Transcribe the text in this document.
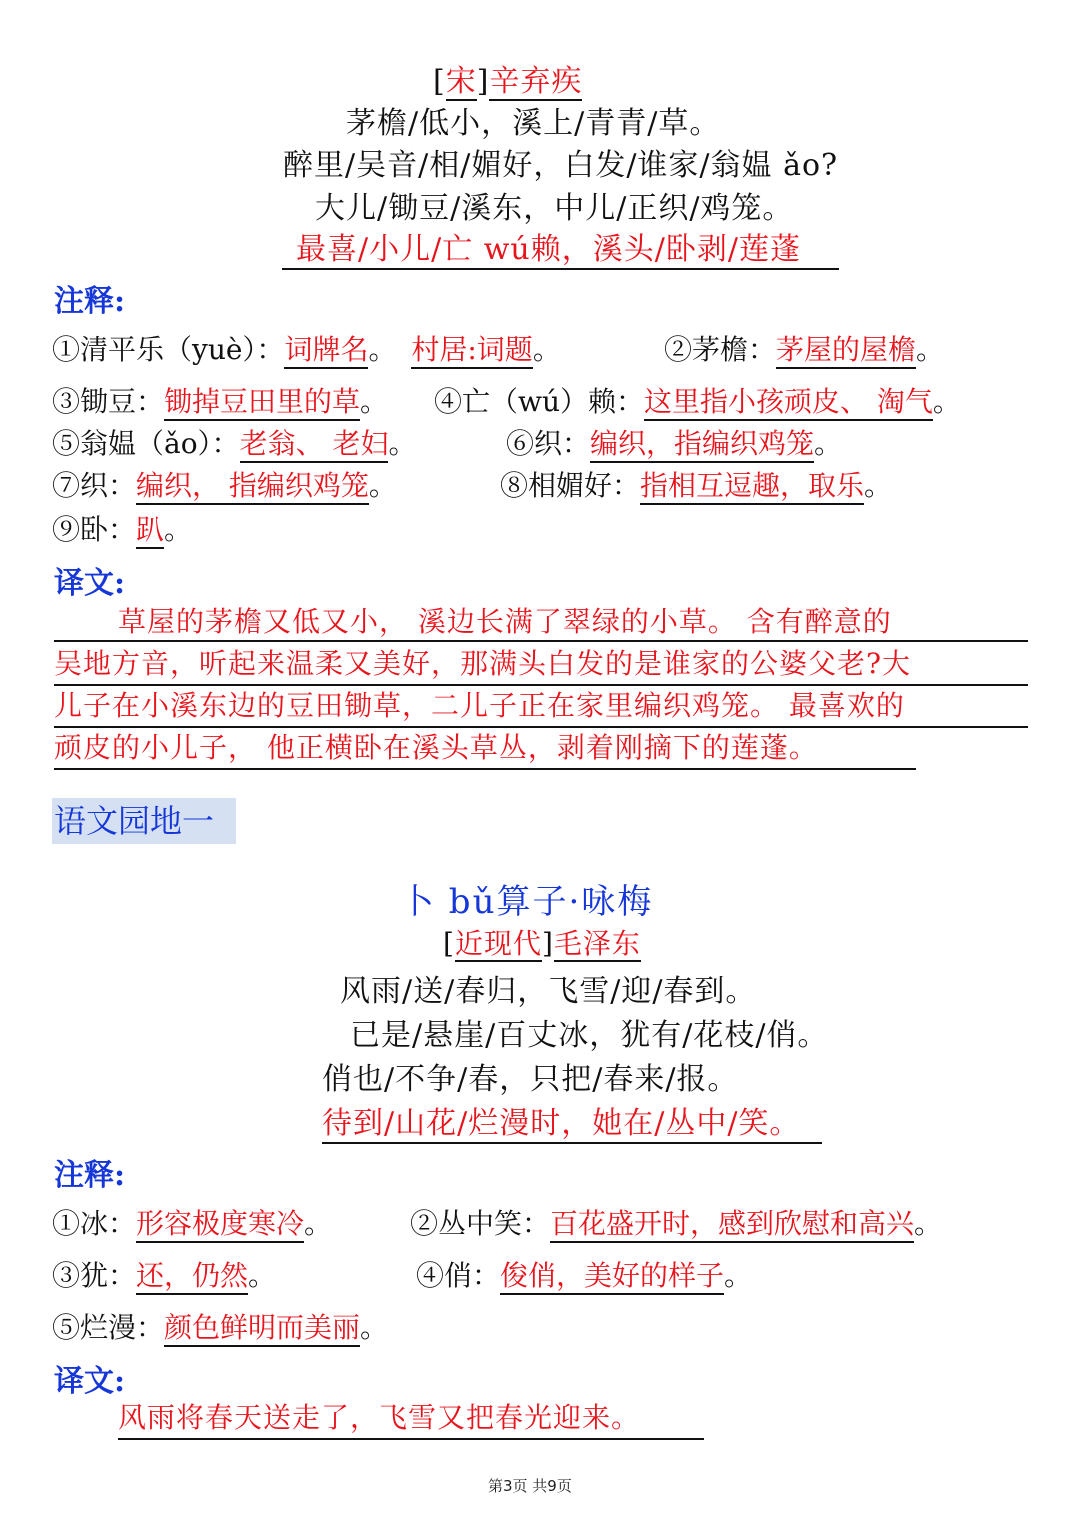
[宋]辛弃疾
茅檐/低小，溪上/青青/草。
醉里/吴音/相/媚好，白发/谁家/翁媪 ǎo?
大儿/锄豆/溪东，中儿/正织/鸡笼。
最喜/小儿/亡 wú赖，溪头/卧剥/莲蓬
注释:
①清平乐（yuè）：词牌名。 村居:词题。	②茅檐：茅屋的屋檐。
③锄豆：锄掉豆田里的草。 ④亡（wú）赖：这里指小孩顽皮、 淘气。
⑤翁媪（ǎo）：老翁、 老妇。	⑥织：编织，指编织鸡笼。
⑦织：编织， 指编织鸡笼。	⑧相媚好：指相互逗趣，取乐。
⑨卧：趴。
译文:
草屋的茅檐又低又小， 溪边长满了翠绿的小草。 含有醉意的
吴地方音，听起来温柔又美好，那满头白发的是谁家的公婆父老?大
儿子在小溪东边的豆田锄草，二儿子正在家里编织鸡笼。 最喜欢的
顽皮的小儿子， 他正横卧在溪头草丛，剥着刚摘下的莲蓬。
语文园地一
卜 bǔ算子·咏梅
[近现代]毛泽东
风雨/送/春归，飞雪/迎/春到。
已是/悬崖/百丈冰，犹有/花枝/俏。
俏也/不争/春，只把/春来/报。
待到/山花/烂漫时，她在/丛中/笑。
注释:
①冰：形容极度寒冷。	②丛中笑：百花盛开时，感到欣慰和高兴。
③犹：还，仍然。	④俏：俊俏，美好的样子。
⑤烂漫：颜色鲜明而美丽。
译文:
风雨将春天送走了，飞雪又把春光迎来。
第3页 共9页
